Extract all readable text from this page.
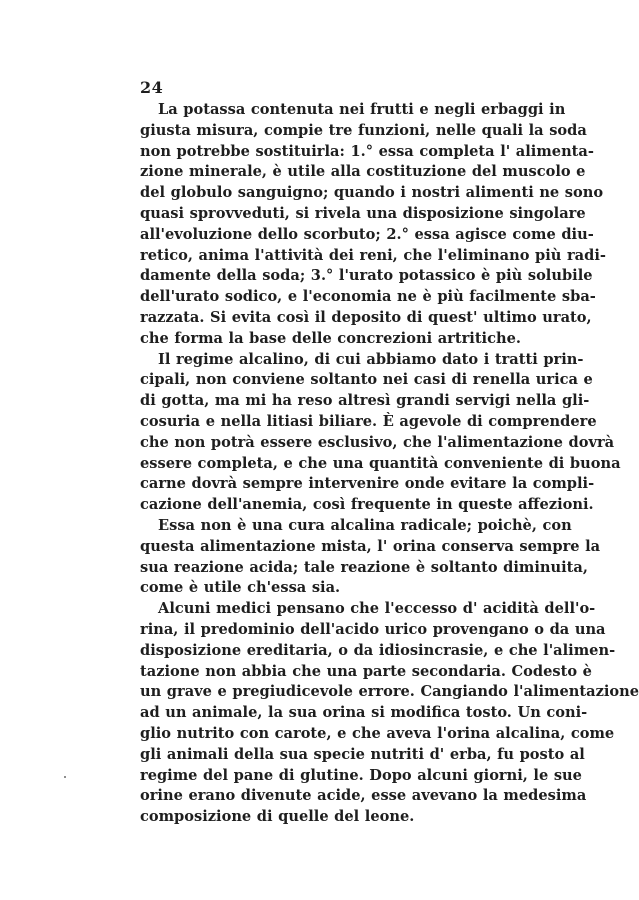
24
La potassa contenuta nei frutti e negli erbaggi in
giusta misura, compie tre funzioni, nelle quali la soda
non potrebbe sostituirla: 1.° essa completa l' alimenta-
zione minerale, è utile alla costituzione del muscolo e
del globulo sanguigno; quando i nostri alimenti ne sono
quasi sprovveduti, si rivela una disposizione singolare
all'evoluzione dello scorbuto; 2.° essa agisce come diu-
retico, anima l'attività dei reni, che l'eliminano più radi-
damente della soda; 3.° l'urato potassico è più solubile
dell'urato sodico, e l'economia ne è più facilmente sba-
razzata. Si evita così il deposito di quest' ultimo urato,
che forma la base delle concrezioni artritiche.
Il regime alcalino, di cui abbiamo dato i tratti prin-
cipali, non conviene soltanto nei casi di renella urica e
di gotta, ma mi ha reso altresì grandi servigi nella gli-
cosuria e nella litiasi biliare. È agevole di comprendere
che non potrà essere esclusivo, che l'alimentazione dovrà
essere completa, e che una quantità conveniente di buona
carne dovrà sempre intervenire onde evitare la compli-
cazione dell'anemia, così frequente in queste affezioni.
Essa non è una cura alcalina radicale; poichè, con
questa alimentazione mista, l' orina conserva sempre la
sua reazione acida; tale reazione è soltanto diminuita,
come è utile ch'essa sia.
Alcuni medici pensano che l'eccesso d' acidità dell'o-
rina, il predominio dell'acido urico provengano o da una
disposizione ereditaria, o da idiosincrasie, e che l'alimen-
tazione non abbia che una parte secondaria. Codesto è
un grave e pregiudicevole errore. Cangiando l'alimentazione
ad un animale, la sua orina si modifica tosto. Un coni-
glio nutrito con carote, e che aveva l'orina alcalina, come
gli animali della sua specie nutriti d' erba, fu posto al
regime del pane di glutine. Dopo alcuni giorni, le sue
orine erano divenute acide, esse avevano la medesima
composizione di quelle del leone.
